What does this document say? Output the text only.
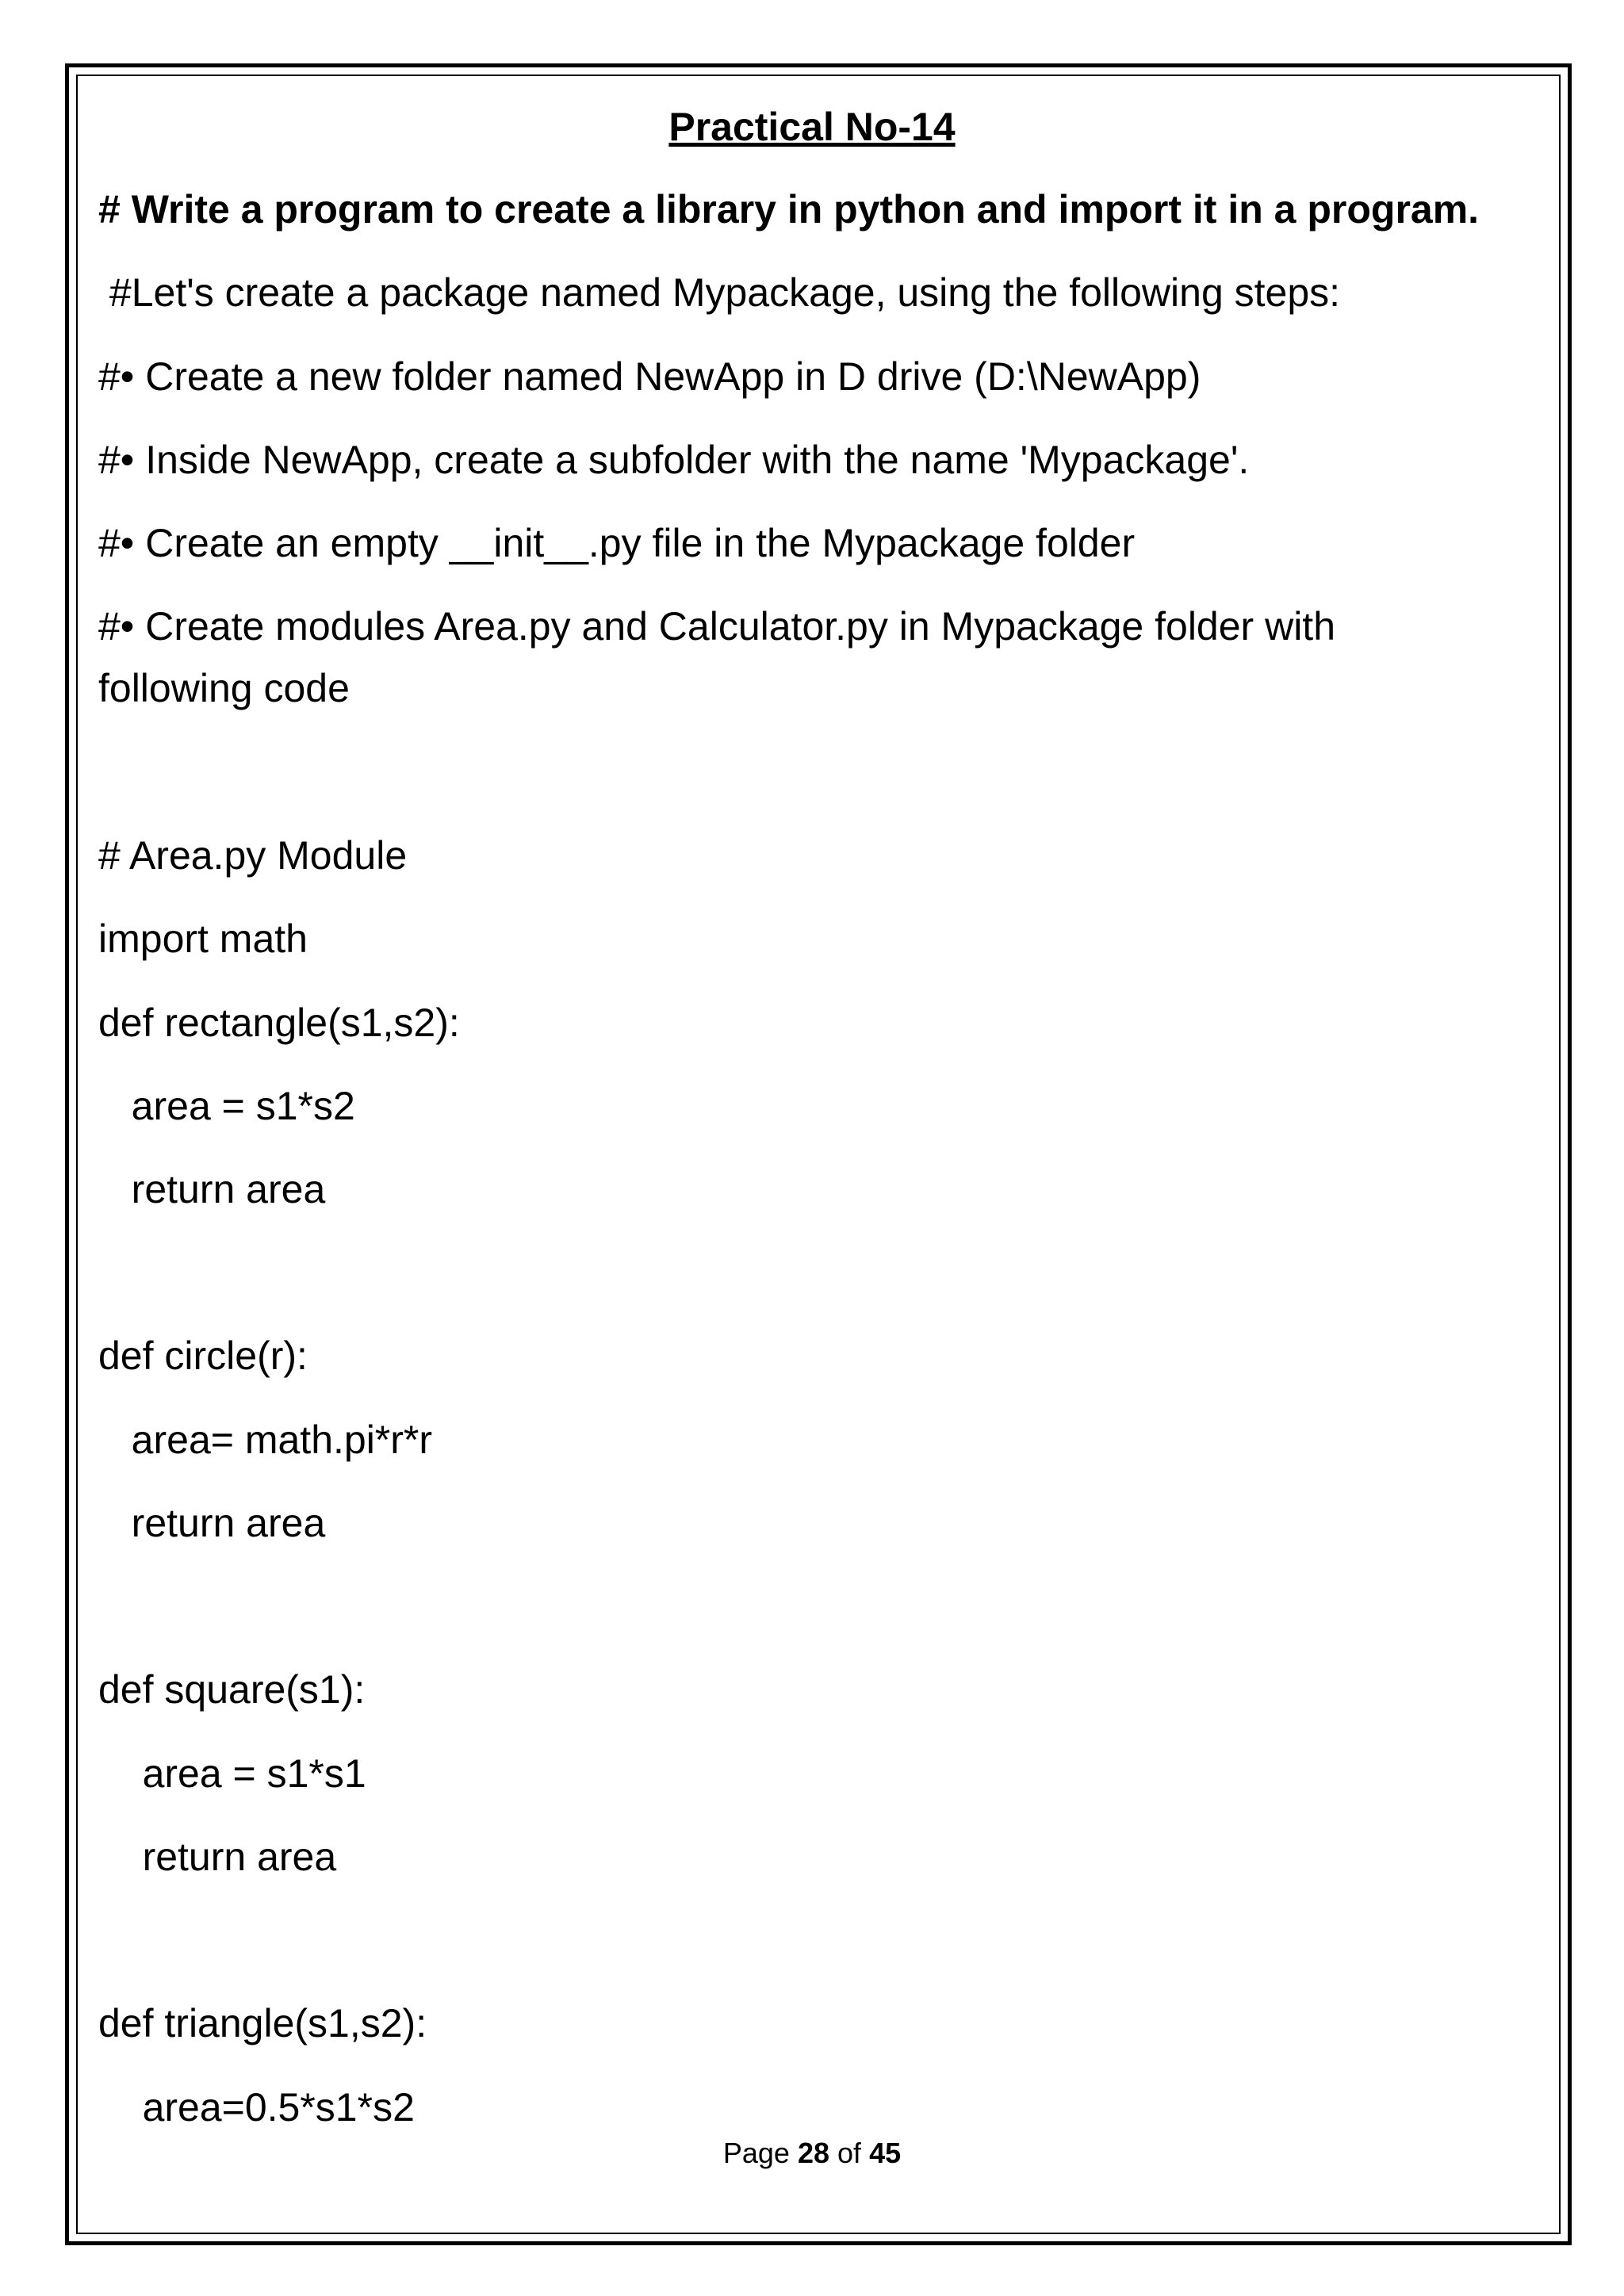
Practical No-14
# Write a program to create a library in python and import it in a program.
#Let's create a package named Mypackage, using the following steps:
#• Create a new folder named NewApp in D drive (D:\NewApp)
#• Inside NewApp, create a subfolder with the name 'Mypackage'.
#• Create an empty __init__.py file in the Mypackage folder
#• Create modules Area.py and Calculator.py in Mypackage folder with
following code
# Area.py Module
import math
def rectangle(s1,s2):
area = s1*s2
return area
def circle(r):
area= math.pi*r*r
return area
def square(s1):
area = s1*s1
return area
def triangle(s1,s2):
area=0.5*s1*s2
Page 28 of 45
